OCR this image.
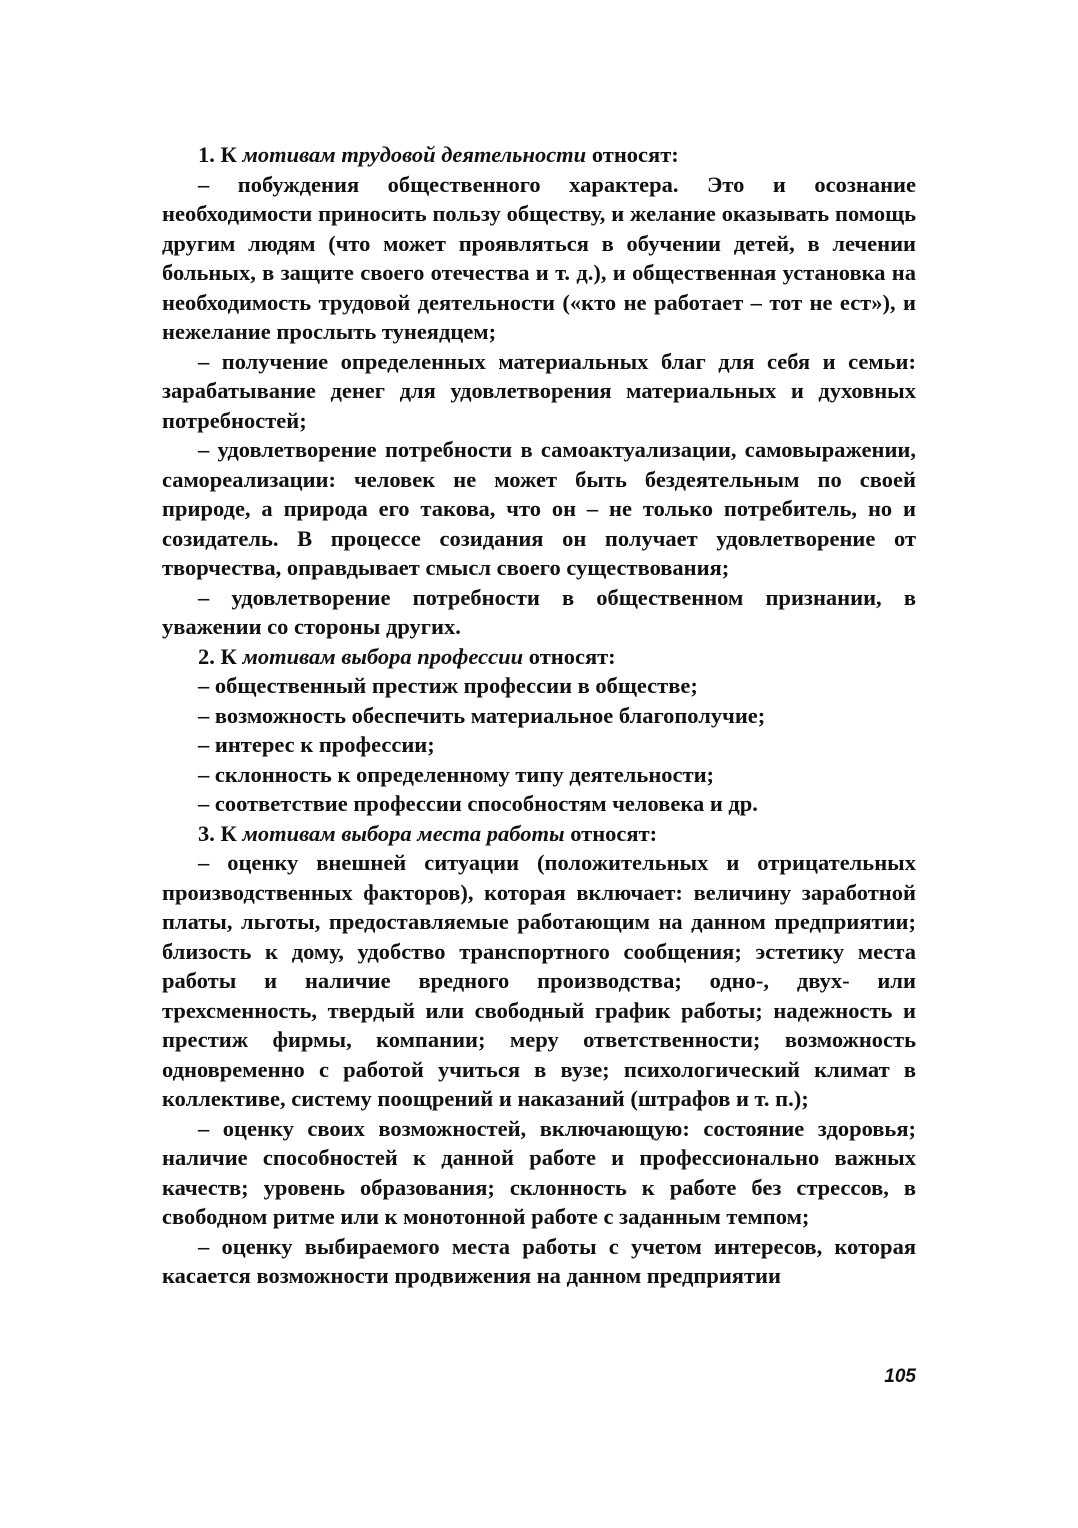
1. К мотивам трудовой деятельности относят:

– побуждения общественного характера. Это и осознание необходимости приносить пользу обществу, и желание оказывать помощь другим людям (что может проявляться в обучении детей, в лечении больных, в защите своего отечества и т. д.), и общественная установка на необходимость трудовой деятельности («кто не работает – тот не ест»), и нежелание прослыть тунеядцем;

– получение определенных материальных благ для себя и семьи: зарабатывание денег для удовлетворения материальных и духовных потребностей;

– удовлетворение потребности в самоактуализации, самовыражении, самореализации: человек не может быть бездеятельным по своей природе, а природа его такова, что он – не только потребитель, но и созидатель. В процессе созидания он получает удовлетворение от творчества, оправдывает смысл своего существования;

– удовлетворение потребности в общественном признании, в уважении со стороны других.

2. К мотивам выбора профессии относят:

– общественный престиж профессии в обществе;

– возможность обеспечить материальное благополучие;

– интерес к профессии;

– склонность к определенному типу деятельности;

– соответствие профессии способностям человека и др.

3. К мотивам выбора места работы относят:

– оценку внешней ситуации (положительных и отрицательных производственных факторов), которая включает: величину заработной платы, льготы, предоставляемые работающим на данном предприятии; близость к дому, удобство транспортного сообщения; эстетику места работы и наличие вредного производства; одно-, двух- или трехсменность, твердый или свободный график работы; надежность и престиж фирмы, компании; меру ответственности; возможность одновременно с работой учиться в вузе; психологический климат в коллективе, систему поощрений и наказаний (штрафов и т. п.);

– оценку своих возможностей, включающую: состояние здоровья; наличие способностей к данной работе и профессионально важных качеств; уровень образования; склонность к работе без стрессов, в свободном ритме или к монотонной работе с заданным темпом;

– оценку выбираемого места работы с учетом интересов, которая касается возможности продвижения на данном предприятии

105
